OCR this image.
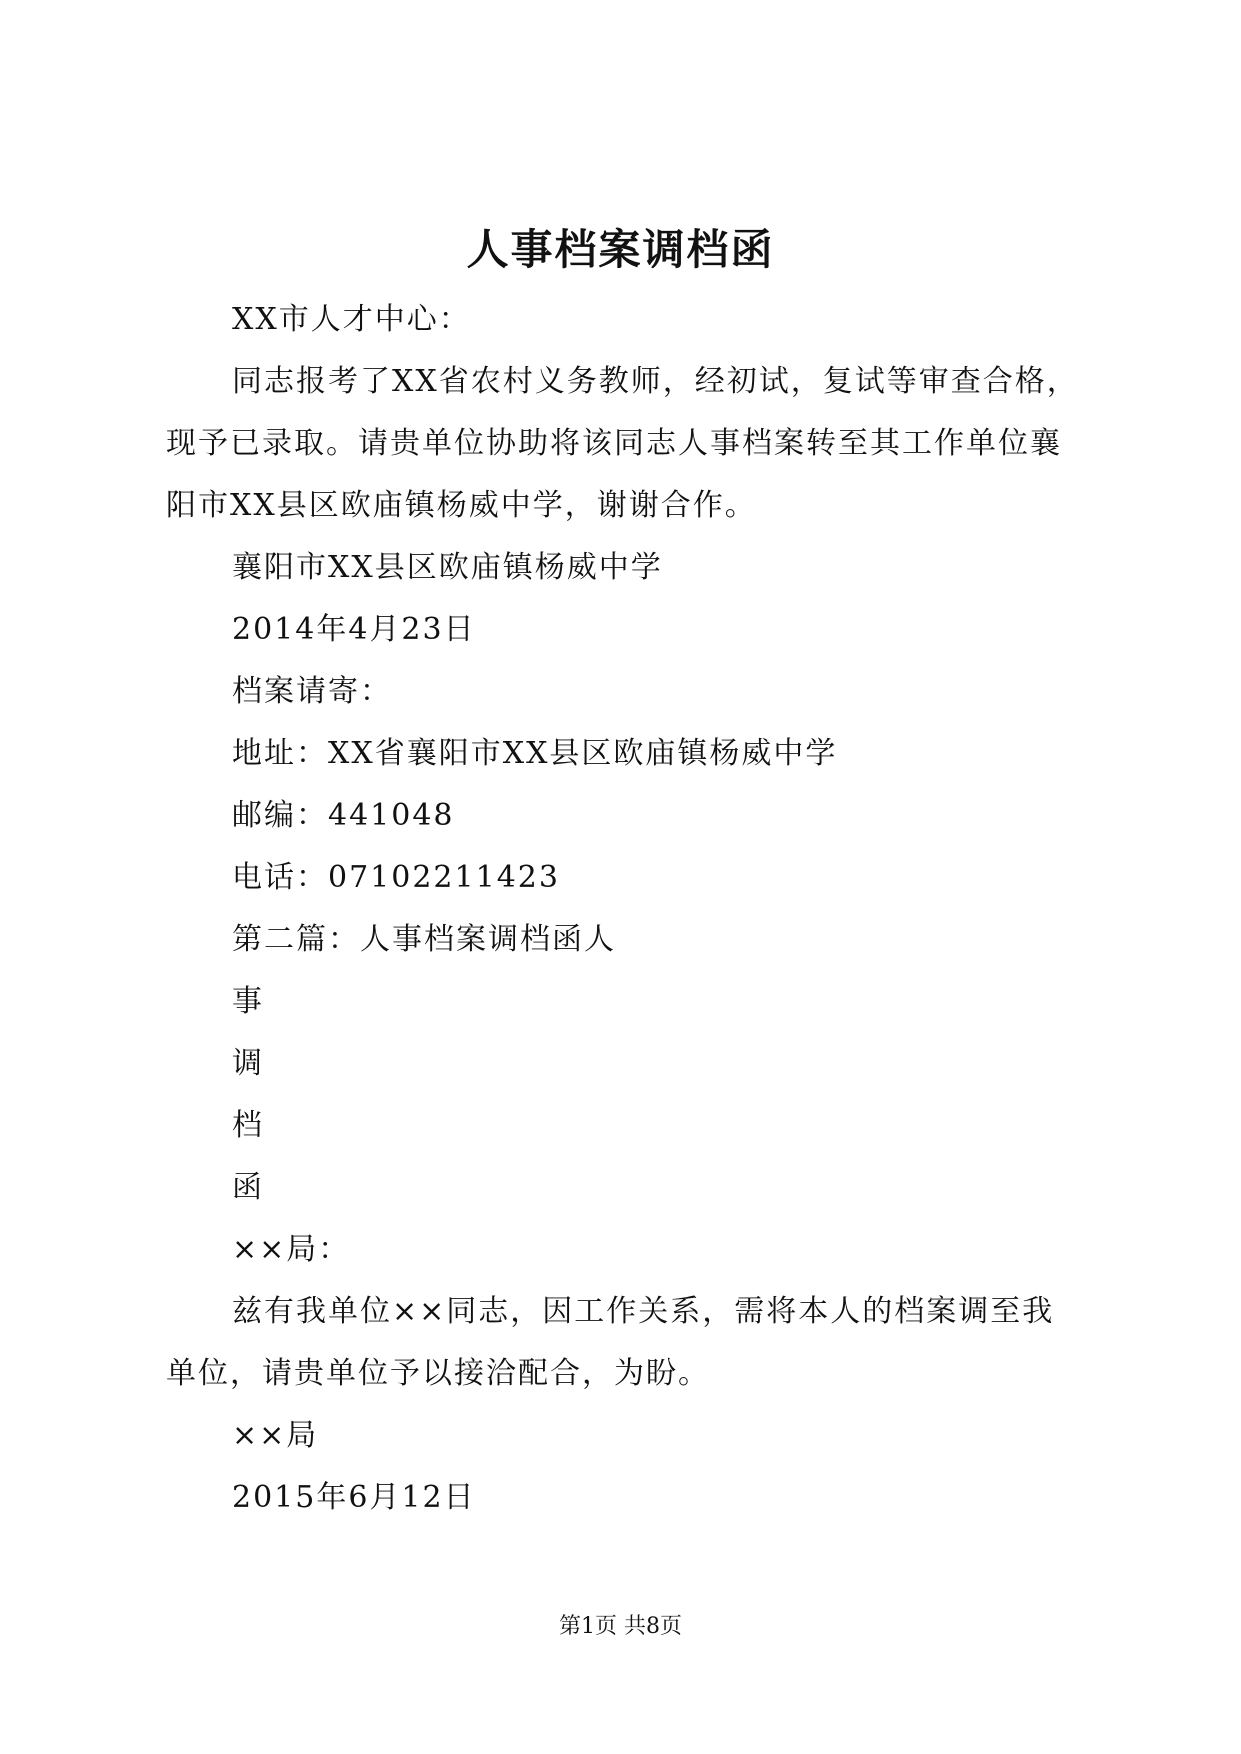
人事档案调档函

XX市人才中心：

同志报考了XX省农村义务教师，经初试，复试等审查合格，现予已录取。请贵单位协助将该同志人事档案转至其工作单位襄阳市XX县区欧庙镇杨威中学，谢谢合作。

襄阳市XX县区欧庙镇杨威中学

2014年4月23日

档案请寄：

地址：XX省襄阳市XX县区欧庙镇杨威中学

邮编：441048

电话：07102211423

第二篇：人事档案调档函人

事

调

档

函

××局：

兹有我单位××同志，因工作关系，需将本人的档案调至我单位，请贵单位予以接洽配合，为盼。

××局

2015年6月12日

第1页 共8页
